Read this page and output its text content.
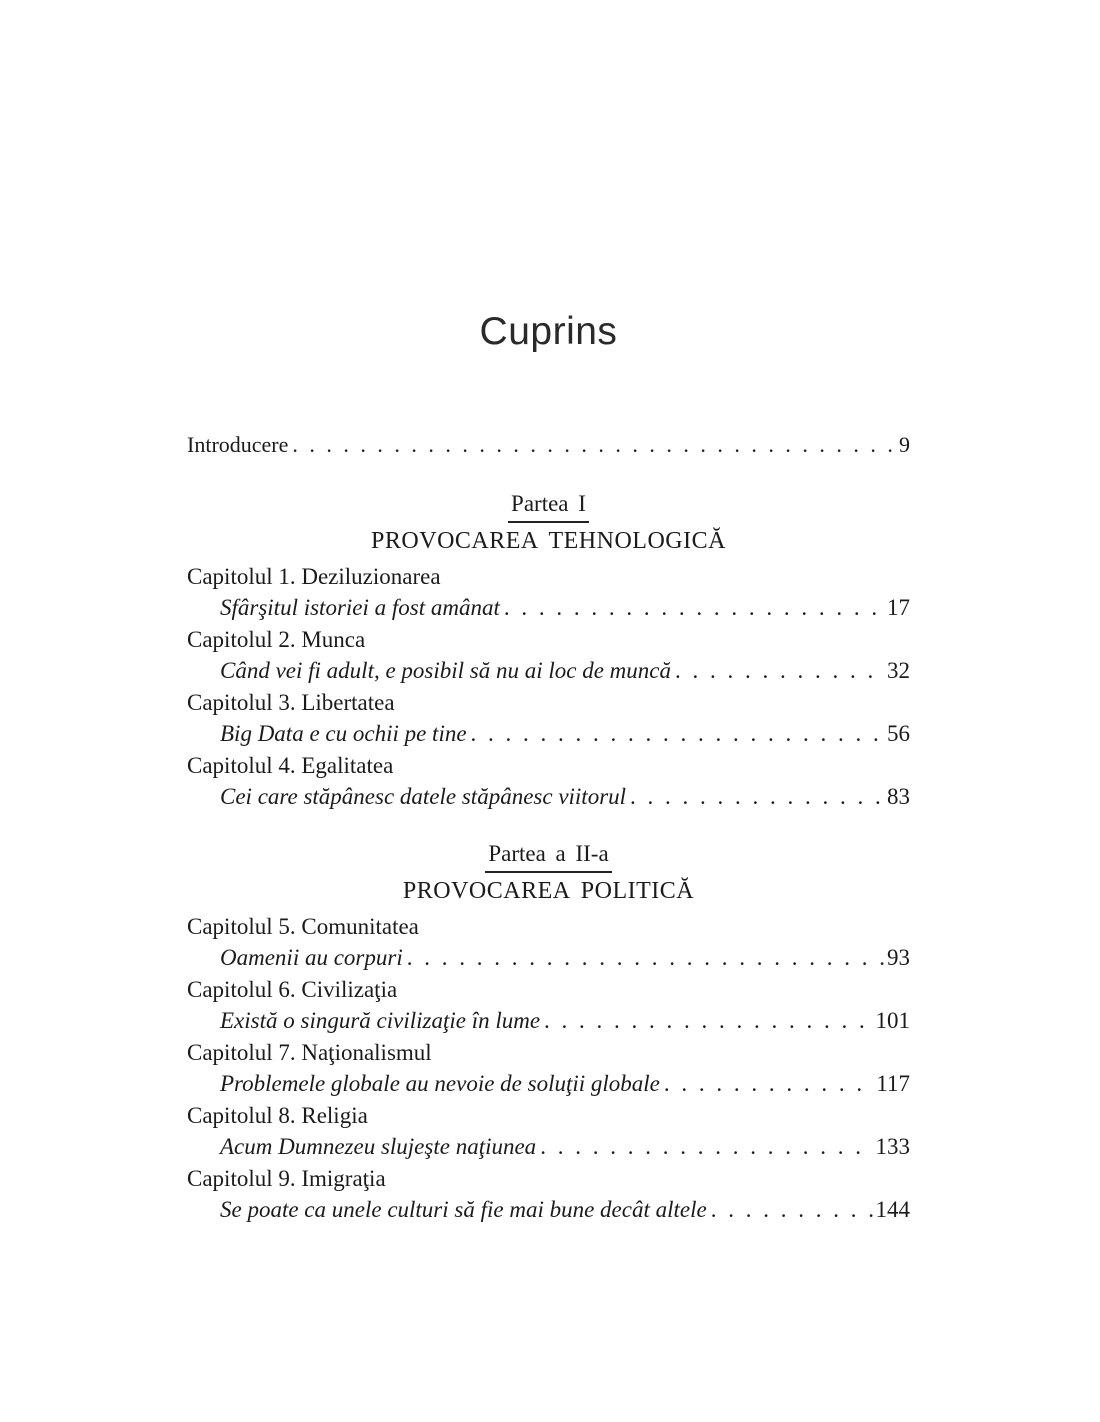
Cuprins
Introducere . . .	9
Partea I
PROVOCAREA TEHNOLOGICĂ
Capitolul 1. Deziluzionarea
Sfârşitul istoriei a fost amânat . . .	17
Capitolul 2. Munca
Când vei fi adult, e posibil să nu ai loc de muncă . . .	32
Capitolul 3. Libertatea
Big Data e cu ochii pe tine . . .	56
Capitolul 4. Egalitatea
Cei care stăpânesc datele stăpânesc viitorul . . .	83
Partea a II-a
PROVOCAREA POLITICĂ
Capitolul 5. Comunitatea
Oamenii au corpuri . . .	93
Capitolul 6. Civilizaţia
Există o singură civilizaţie în lume . . .	101
Capitolul 7. Naţionalismul
Problemele globale au nevoie de soluţii globale . . .	117
Capitolul 8. Religia
Acum Dumnezeu slujeşte naţiunea . . .	133
Capitolul 9. Imigraţia
Se poate ca unele culturi să fie mai bune decât altele . . .	144
